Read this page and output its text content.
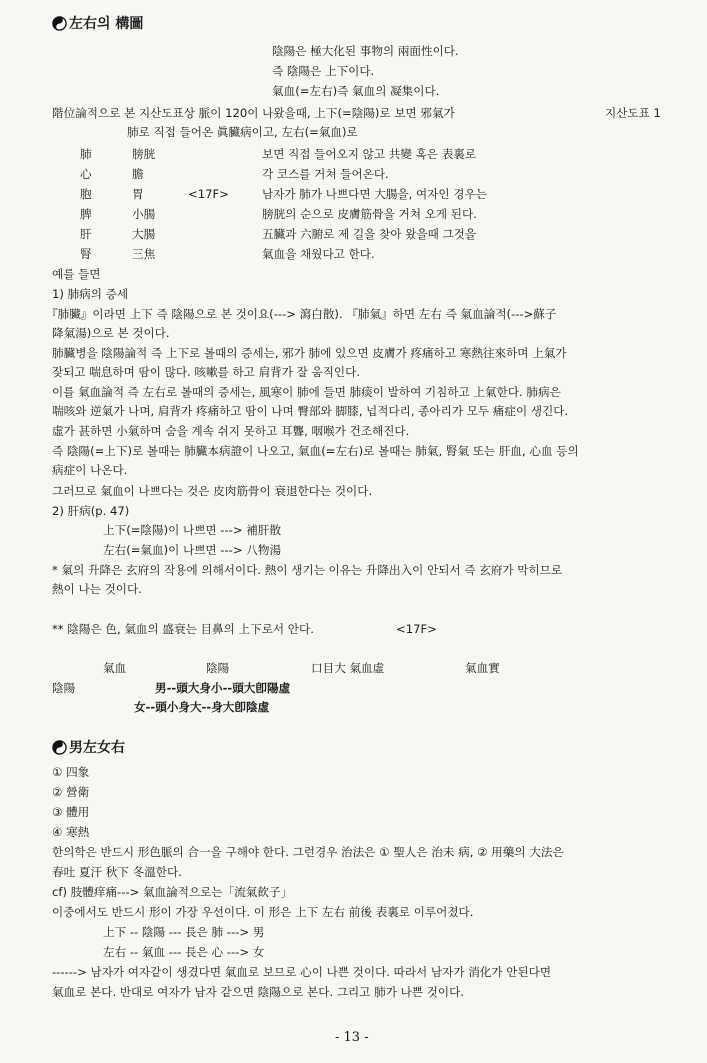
左右의 構圖
陰陽은 極大化된 事物의 兩面性이다.
즉 陰陽은 上下이다.
氣血(=左右)즉 氣血의 凝集이다.
階位論적으로 본 지산도표상 脈이 120이 나왔을때, 上下(=陰陽)로 보면 邪氣가	지산도표 1
肺로 직접 들어온 眞臟病이고, 左右(=氣血)로
肺	膀胱	보면 직접 들어오지 않고 共變 혹은 表裏로
心	膽	각 코스를 거쳐 들어온다.
胞	胃	<17F>	남자가 肺가 나쁘다면 大腸을, 여자인 경우는
脾	小腸	膀胱의 순으로 皮膚筋骨을 거쳐 오게 된다.
肝	大腸	五臟과 六腑로 제 길을 찾아 왔을때 그것을
腎	三焦	氣血을 채웠다고 한다.
예를 들면
1) 肺病의 증세
『肺臟』이라면 上下 즉 陰陽으로 본 것이요(---> 瀉白散). 『肺氣』하면 左右 즉 氣血論적(--->蘇子
降氣湯)으로 본 것이다.
肺臟병을 陰陽論적 즉 上下로 볼때의 증세는, 邪가 肺에 있으면 皮膚가 疼痛하고 寒熱往來하며 上氣가
잦되고 喘息하며 땀이 많다. 咳嗽를 하고 肩背가 잘 움직인다.
이를 氣血論적 즉 左右로 볼때의 증세는, 風寒이 肺에 들면 肺痰이 발하여 기침하고 上氣한다. 肺病은
喘咳와 逆氣가 나며, 肩背가 疼痛하고 땀이 나며 臀部와 脚膝, 넙적다리, 종아리가 모두 痛症이 생긴다.
虛가 甚하면 小氣하며 숨을 계속 쉬지 못하고 耳聾, 咽喉가 건조해진다.
즉 陰陽(=上下)로 볼때는 肺臟本病證이 나오고, 氣血(=左右)로 볼때는 肺氣, 腎氣 또는 肝血, 心血 등의
病症이 나온다.
그러므로 氣血이 나쁘다는 것은 皮肉筋骨이 衰退한다는 것이다.
2) 肝病(p. 47)
上下(=陰陽)이 나쁘면 ---> 補肝散
左右(=氣血)이 나쁘면 ---> 八物湯
* 氣의 升降은 玄府의 작용에 의해서이다. 熱이 생기는 이유는 升降出入이 안되서 즉 玄府가 막히므로
熱이 나는 것이다.
** 陰陽은 色, 氣血의 盛衰는 目鼻의 上下로서 안다.	<17F>
氣血	陰陽	口目大 氣血虛	氣血實
陰陽	男--頭大身小--頭大卽陽虛
女--頭小身大--身大卽陰虛
男左女右
① 四象
② 營衛
③ 體用
④ 寒熱
한의학은 반드시 形色脈의 合一을 구해야 한다. 그런경우 治法은 ① 聖人은 治未 病, ② 用藥의 大法은
春吐 夏汗 秋下 冬溫한다.
cf) 肢體痒痛---> 氣血論적으로는「流氣飮子」
이중에서도 반드시 形이 가장 우선이다. 이 形은 上下 左右 前後 表裏로 이루어졌다.
上下 -- 陰陽 --- 長은 肺 ---> 男
左右 -- 氣血 --- 長은 心 ---> 女
------> 남자가 여자같이 생겼다면 氣血로 보므로 心이 나쁜 것이다. 따라서 남자가 消化가 안된다면
氣血로 본다. 반대로 여자가 남자 같으면 陰陽으로 본다. 그리고 肺가 나쁜 것이다.
- 13 -
